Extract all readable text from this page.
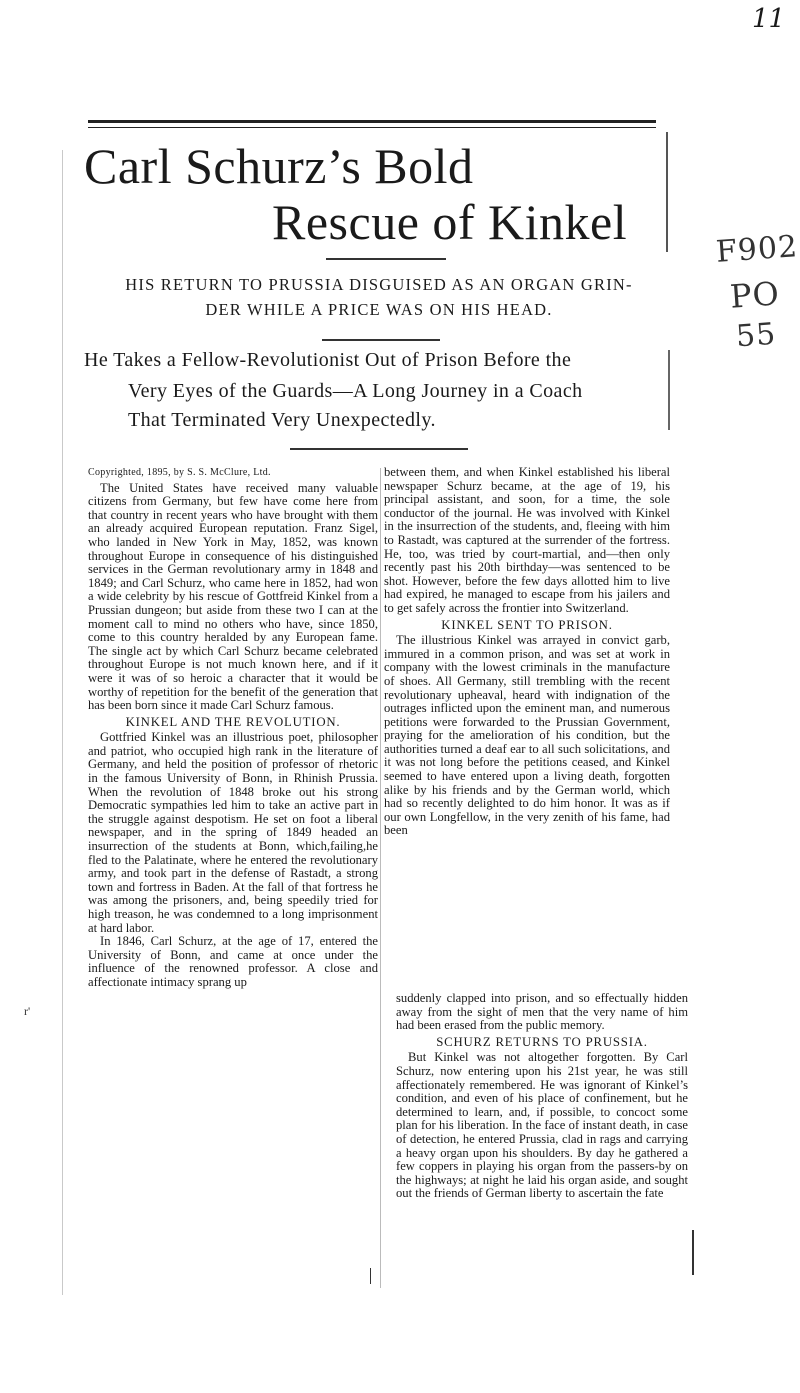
11
F902
PO
55
Carl Schurz’s Bold
Rescue of Kinkel
HIS RETURN TO PRUSSIA DISGUISED AS AN ORGAN GRIN-
DER WHILE A PRICE WAS ON HIS HEAD.
He Takes a Fellow-Revolutionist Out of Prison Before the
Very Eyes of the Guards—A Long Journey in a Coach
That Terminated Very Unexpectedly.

Copyrighted, 1895, by S. S. McClure, Ltd.

The United States have received many valuable citizens from Germany, but few have come here from that country in recent years who have brought with them an already acquired European reputation. Franz Sigel, who landed in New York in May, 1852, was known throughout Europe in consequence of his distinguished services in the German revolutionary army in 1848 and 1849; and Carl Schurz, who came here in 1852, had won a wide celebrity by his rescue of Gottfreid Kinkel from a Prussian dungeon; but aside from these two I can at the moment call to mind no others who have, since 1850, come to this country heralded by any European fame. The single act by which Carl Schurz became celebrated throughout Europe is not much known here, and if it were it was of so heroic a character that it would be worthy of repetition for the benefit of the generation that has been born since it made Carl Schurz famous.

KINKEL AND THE REVOLUTION.

Gottfried Kinkel was an illustrious poet, philosopher and patriot, who occupied high rank in the literature of Germany, and held the position of professor of rhetoric in the famous University of Bonn, in Rhinish Prussia. When the revolution of 1848 broke out his strong Democratic sympathies led him to take an active part in the struggle against despotism. He set on foot a liberal newspaper, and in the spring of 1849 headed an insurrection of the students at Bonn, which,failing,he fled to the Palatinate, where he entered the revolutionary army, and took part in the defense of Rastadt, a strong town and fortress in Baden. At the fall of that fortress he was among the prisoners, and, being speedily tried for high treason, he was condemned to a long imprisonment at hard labor.

In 1846, Carl Schurz, at the age of 17, entered the University of Bonn, and came at once under the influence of the renowned professor. A close and affectionate intimacy sprang up

between them, and when Kinkel established his liberal newspaper Schurz became, at the age of 19, his principal assistant, and soon, for a time, the sole conductor of the journal. He was involved with Kinkel in the insurrection of the students, and, fleeing with him to Rastadt, was captured at the surrender of the fortress. He, too, was tried by court-martial, and—then only recently past his 20th birthday—was sentenced to be shot. However, before the few days allotted him to live had expired, he managed to escape from his jailers and to get safely across the frontier into Switzerland.

KINKEL SENT TO PRISON.

The illustrious Kinkel was arrayed in convict garb, immured in a common prison, and was set at work in company with the lowest criminals in the manufacture of shoes. All Germany, still trembling with the recent revolutionary upheaval, heard with indignation of the outrages inflicted upon the eminent man, and numerous petitions were forwarded to the Prussian Government, praying for the amelioration of his condition, but the authorities turned a deaf ear to all such solicitations, and it was not long before the petitions ceased, and Kinkel seemed to have entered upon a living death, forgotten alike by his friends and by the German world, which had so recently delighted to do him honor. It was as if our own Longfellow, in the very zenith of his fame, had been

suddenly clapped into prison, and so effectually hidden away from the sight of men that the very name of him had been erased from the public memory.

SCHURZ RETURNS TO PRUSSIA.

But Kinkel was not altogether forgotten. By Carl Schurz, now entering upon his 21st year, he was still affectionately remembered. He was ignorant of Kinkel’s condition, and even of his place of confinement, but he determined to learn, and, if possible, to concoct some plan for his liberation. In the face of instant death, in case of detection, he entered Prussia, clad in rags and carrying a heavy organ upon his shoulders. By day he gathered a few coppers in playing his organ from the passers-by on the highways; at night he laid his organ aside, and sought out the friends of German liberty to ascertain the fate

r'
